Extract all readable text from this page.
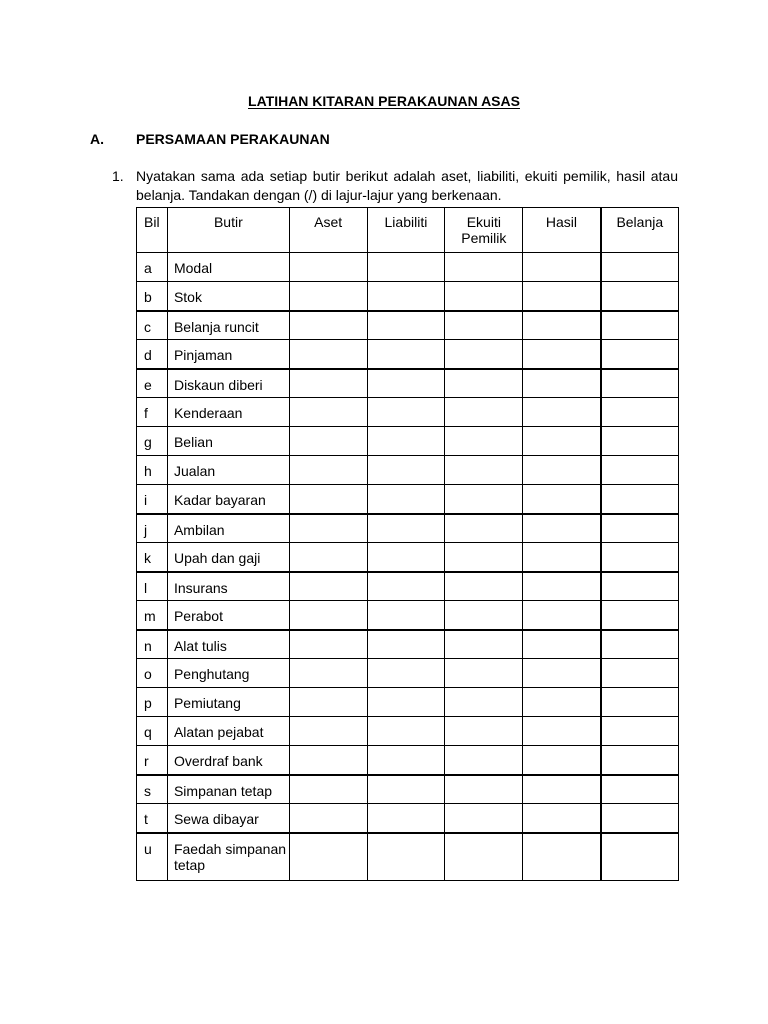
LATIHAN KITARAN PERAKAUNAN ASAS
A. PERSAMAAN PERAKAUNAN
1. Nyatakan sama ada setiap butir berikut adalah aset, liabiliti, ekuiti pemilik, hasil atau belanja. Tandakan dengan (/) di lajur-lajur yang berkenaan.
Bil	Butir	Aset	Liabiliti	Ekuiti Pemilik	Hasil	Belanja
a	Modal					
b	Stok					
c	Belanja runcit					
d	Pinjaman					
e	Diskaun diberi					
f	Kenderaan					
g	Belian					
h	Jualan					
i	Kadar bayaran					
j	Ambilan					
k	Upah dan gaji					
l	Insurans					
m	Perabot					
n	Alat tulis					
o	Penghutang					
p	Pemiutang					
q	Alatan pejabat					
r	Overdraf bank					
s	Simpanan tetap					
t	Sewa dibayar					
u	Faedah simpanan tetap					
